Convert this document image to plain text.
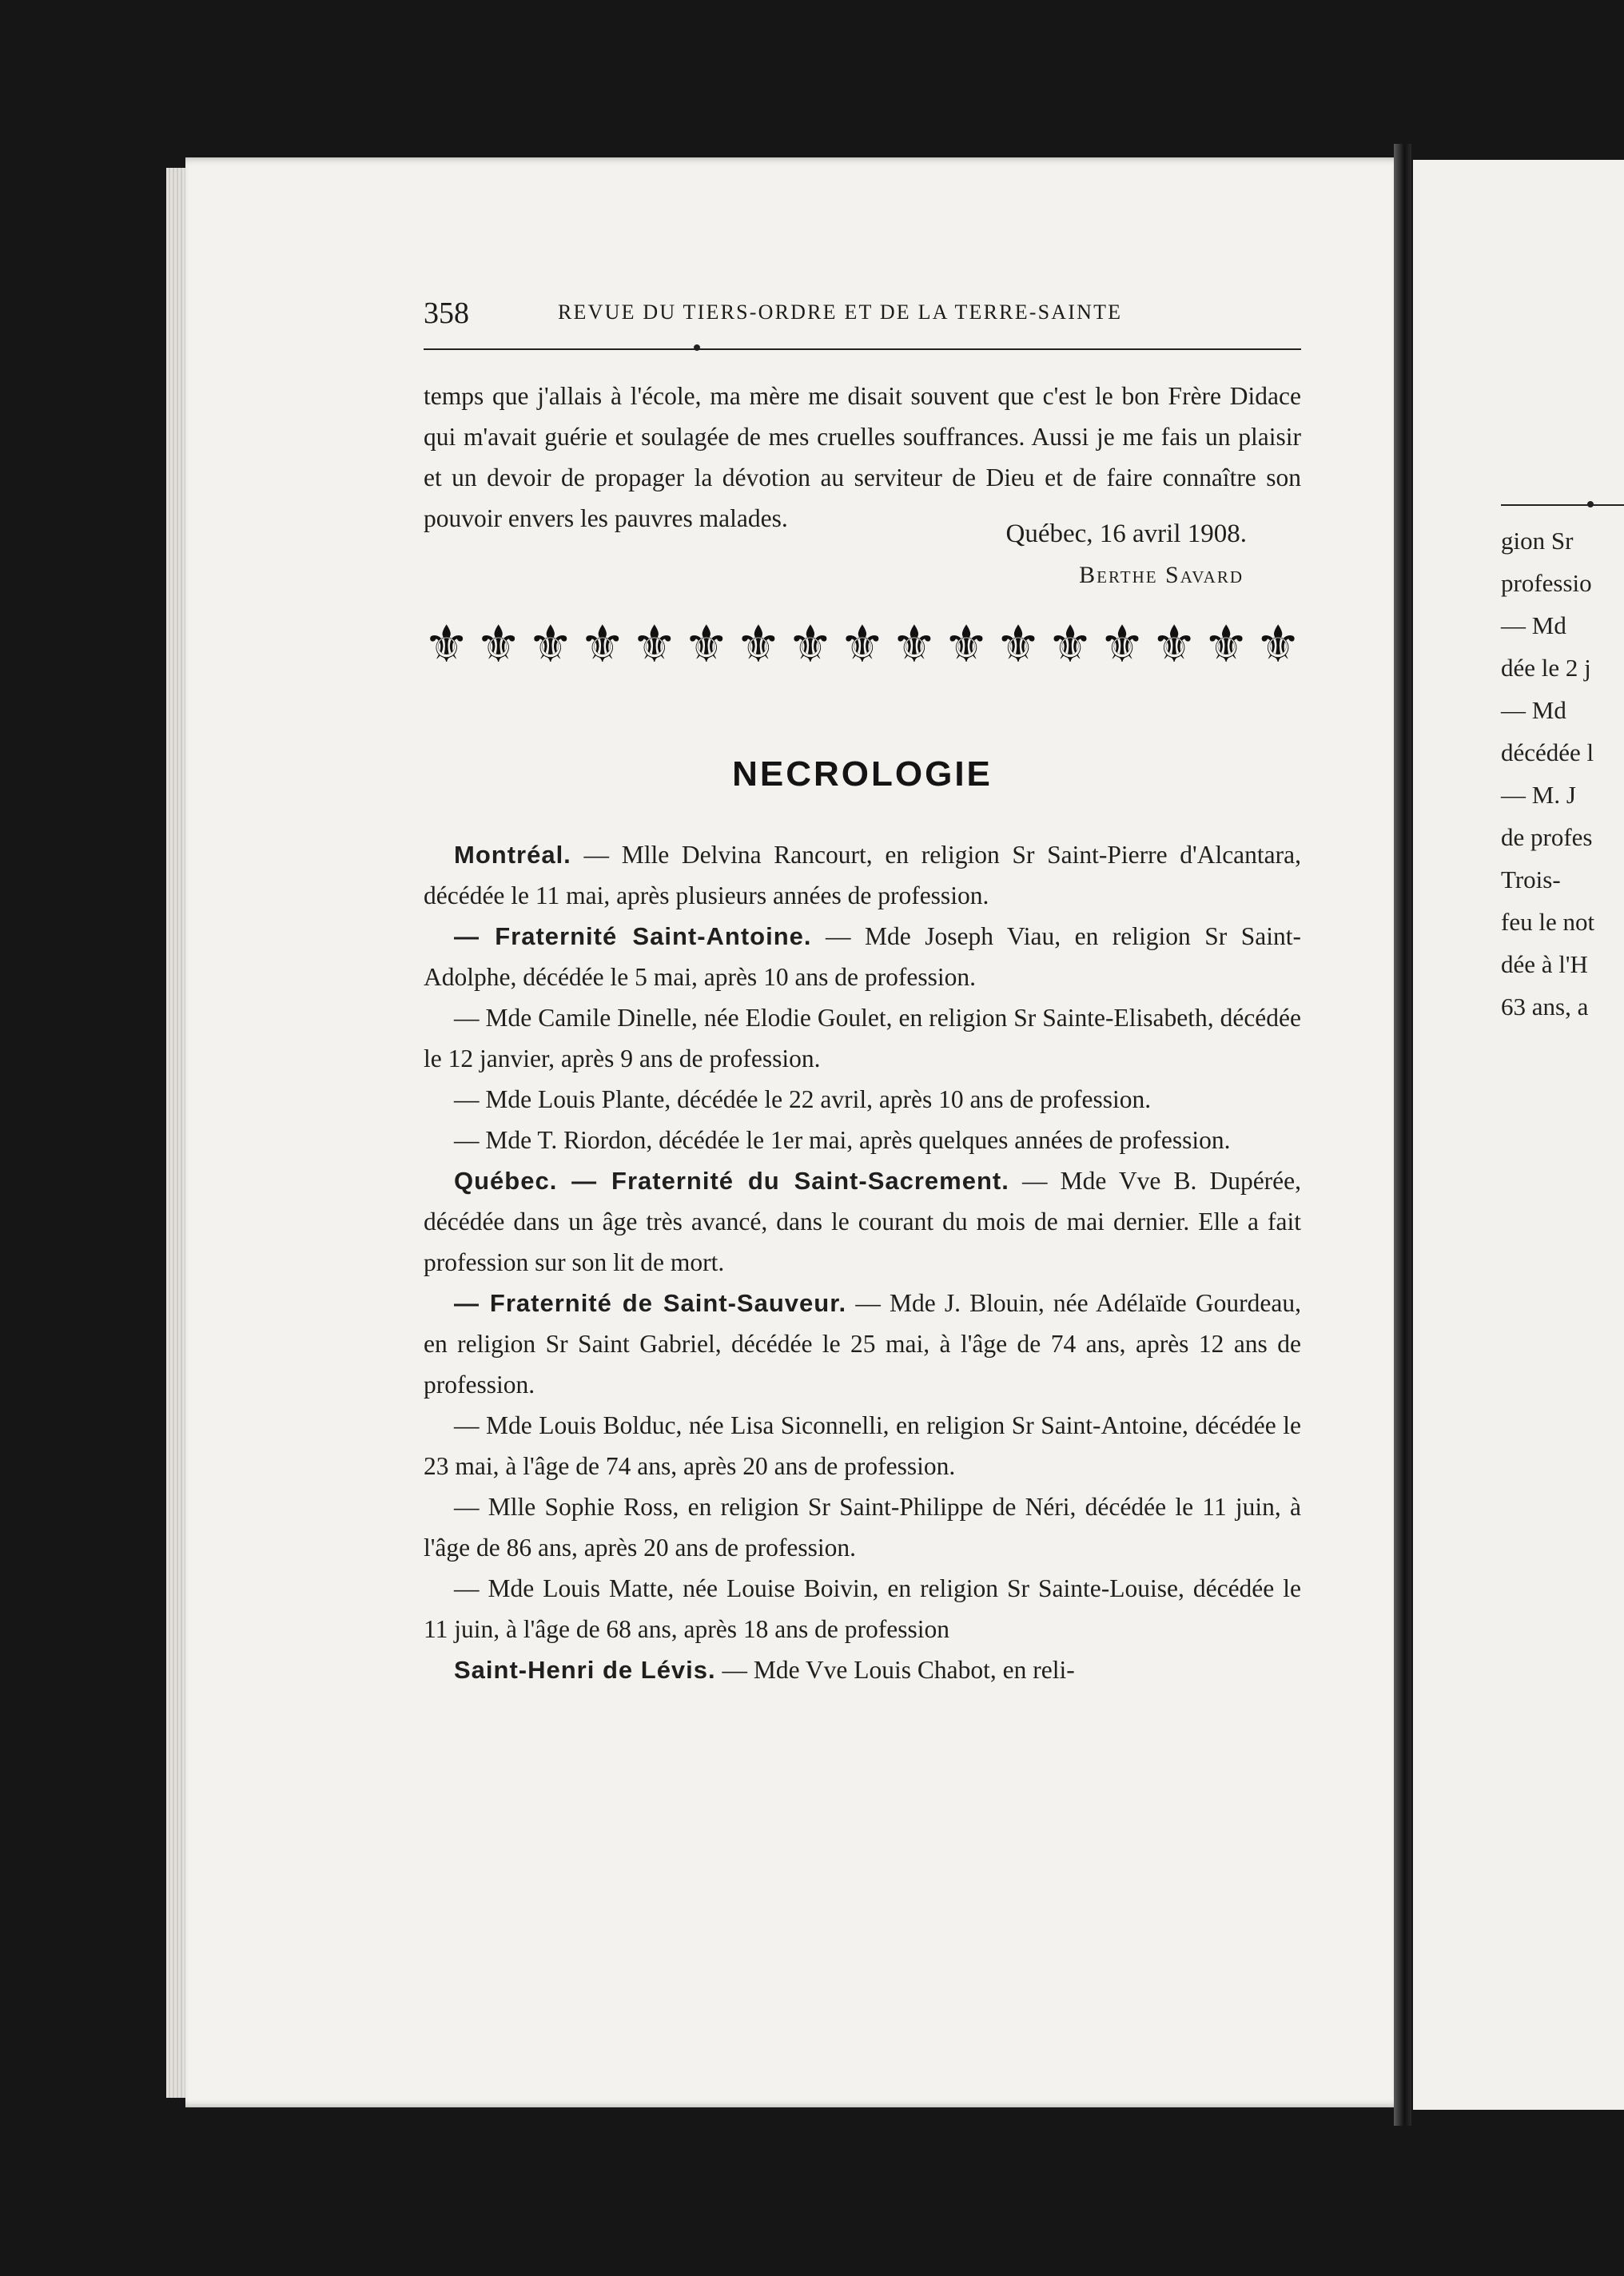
gion Sr
professio
— Md
dée le 2 j
— Md
décédée l
— M. J
de profes
Trois-
feu le not
dée à l'H
63 ans, a
358	REVUE DU TIERS-ORDRE ET DE LA TERRE-SAINTE

temps que j'allais à l'école, ma mère me disait souvent que c'est le bon Frère Didace qui m'avait guérie et soulagée de mes cruelles souffrances. Aussi je me fais un plaisir et un devoir de propager la dévotion au serviteur de Dieu et de faire connaître son pouvoir envers les pauvres malades.

Québec, 16 avril 1908.
Berthe Savard
⚜ ⚜ ⚜ ⚜ ⚜ ⚜ ⚜ ⚜ ⚜ ⚜ ⚜ ⚜ ⚜ ⚜ ⚜ ⚜ ⚜
NECROLOGIE

Montréal. — Mlle Delvina Rancourt, en religion Sr Saint-Pierre d'Alcantara, décédée le 11 mai, après plusieurs années de profession.

— Fraternité Saint-Antoine. — Mde Joseph Viau, en religion Sr Saint-Adolphe, décédée le 5 mai, après 10 ans de profession.

— Mde Camile Dinelle, née Elodie Goulet, en religion Sr Sainte-Elisabeth, décédée le 12 janvier, après 9 ans de profession.

— Mde Louis Plante, décédée le 22 avril, après 10 ans de profession.

— Mde T. Riordon, décédée le 1er mai, après quelques années de profession.

Québec. — Fraternité du Saint-Sacrement. — Mde Vve B. Dupérée, décédée dans un âge très avancé, dans le courant du mois de mai dernier. Elle a fait profession sur son lit de mort.

— Fraternité de Saint-Sauveur. — Mde J. Blouin, née Adélaïde Gourdeau, en religion Sr Saint Gabriel, décédée le 25 mai, à l'âge de 74 ans, après 12 ans de profession.

— Mde Louis Bolduc, née Lisa Siconnelli, en religion Sr Saint-Antoine, décédée le 23 mai, à l'âge de 74 ans, après 20 ans de profession.

— Mlle Sophie Ross, en religion Sr Saint-Philippe de Néri, décédée le 11 juin, à l'âge de 86 ans, après 20 ans de profession.

— Mde Louis Matte, née Louise Boivin, en religion Sr Sainte-Louise, décédée le 11 juin, à l'âge de 68 ans, après 18 ans de profession

Saint-Henri de Lévis. — Mde Vve Louis Chabot, en reli-
